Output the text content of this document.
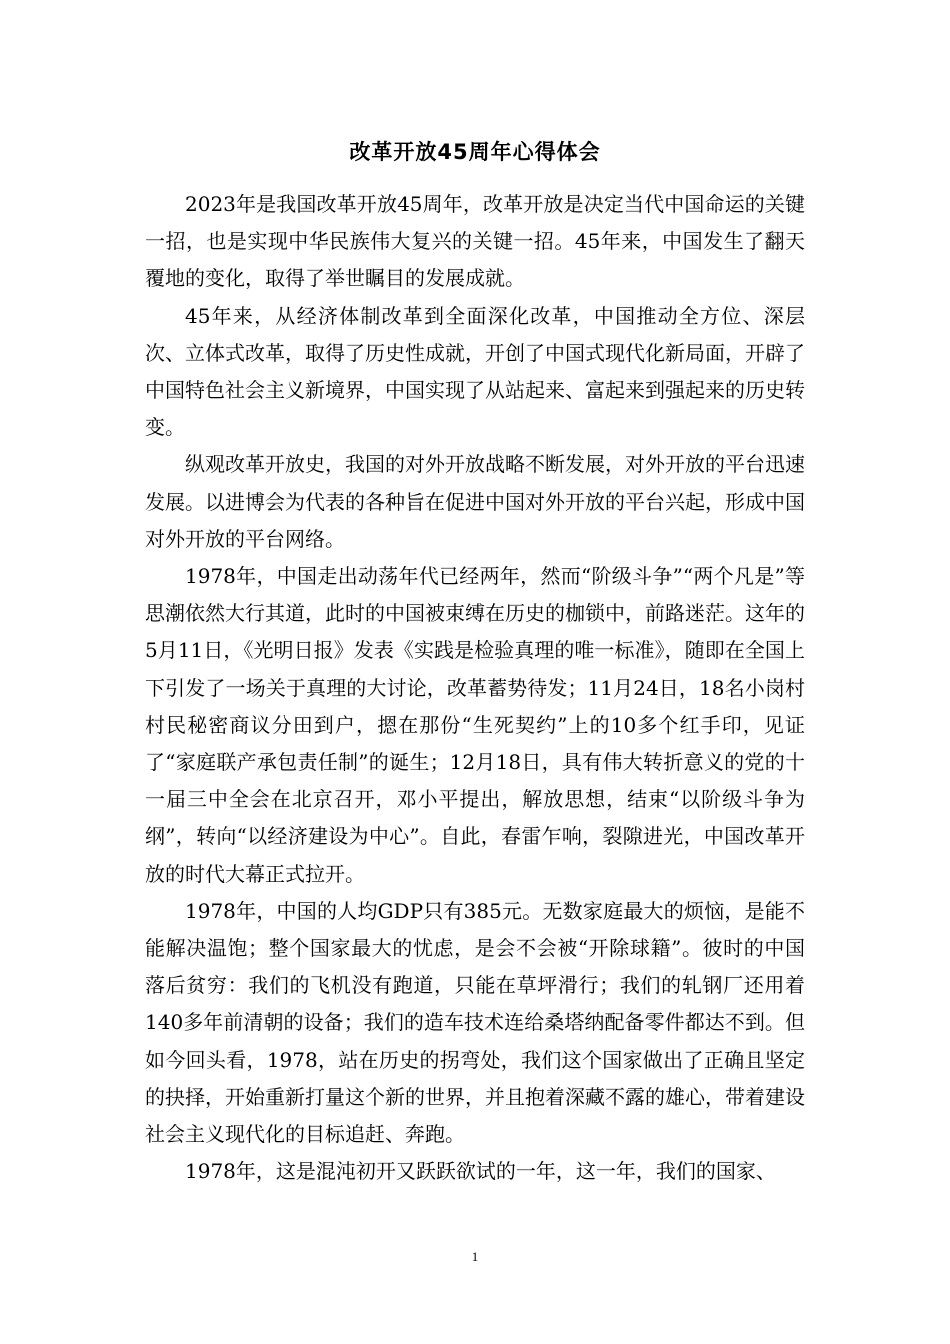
改革开放45周年心得体会

2023年是我国改革开放45周年，改革开放是决定当代中国命运的关键一招，也是实现中华民族伟大复兴的关键一招。45年来，中国发生了翻天覆地的变化，取得了举世瞩目的发展成就。

45年来，从经济体制改革到全面深化改革，中国推动全方位、深层次、立体式改革，取得了历史性成就，开创了中国式现代化新局面，开辟了中国特色社会主义新境界，中国实现了从站起来、富起来到强起来的历史转变。

纵观改革开放史，我国的对外开放战略不断发展，对外开放的平台迅速发展。以进博会为代表的各种旨在促进中国对外开放的平台兴起，形成中国对外开放的平台网络。

1978年，中国走出动荡年代已经两年，然而“阶级斗争”“两个凡是”等思潮依然大行其道，此时的中国被束缚在历史的枷锁中，前路迷茫。这年的5月11日，《光明日报》发表《实践是检验真理的唯一标准》，随即在全国上下引发了一场关于真理的大讨论，改革蓄势待发；11月24日，18名小岗村村民秘密商议分田到户，摁在那份“生死契约”上的10多个红手印，见证了“家庭联产承包责任制”的诞生；12月18日，具有伟大转折意义的党的十一届三中全会在北京召开，邓小平提出，解放思想，结束“以阶级斗争为纲”，转向“以经济建设为中心”。自此，春雷乍响，裂隙进光，中国改革开放的时代大幕正式拉开。

1978年，中国的人均GDP只有385元。无数家庭最大的烦恼，是能不能解决温饱；整个国家最大的忧虑，是会不会被“开除球籍”。彼时的中国落后贫穷：我们的飞机没有跑道，只能在草坪滑行；我们的轧钢厂还用着140多年前清朝的设备；我们的造车技术连给桑塔纳配备零件都达不到。但如今回头看，1978，站在历史的拐弯处，我们这个国家做出了正确且坚定的抉择，开始重新打量这个新的世界，并且抱着深藏不露的雄心，带着建设社会主义现代化的目标追赶、奔跑。

1978年，这是混沌初开又跃跃欲试的一年，这一年，我们的国家、

1
